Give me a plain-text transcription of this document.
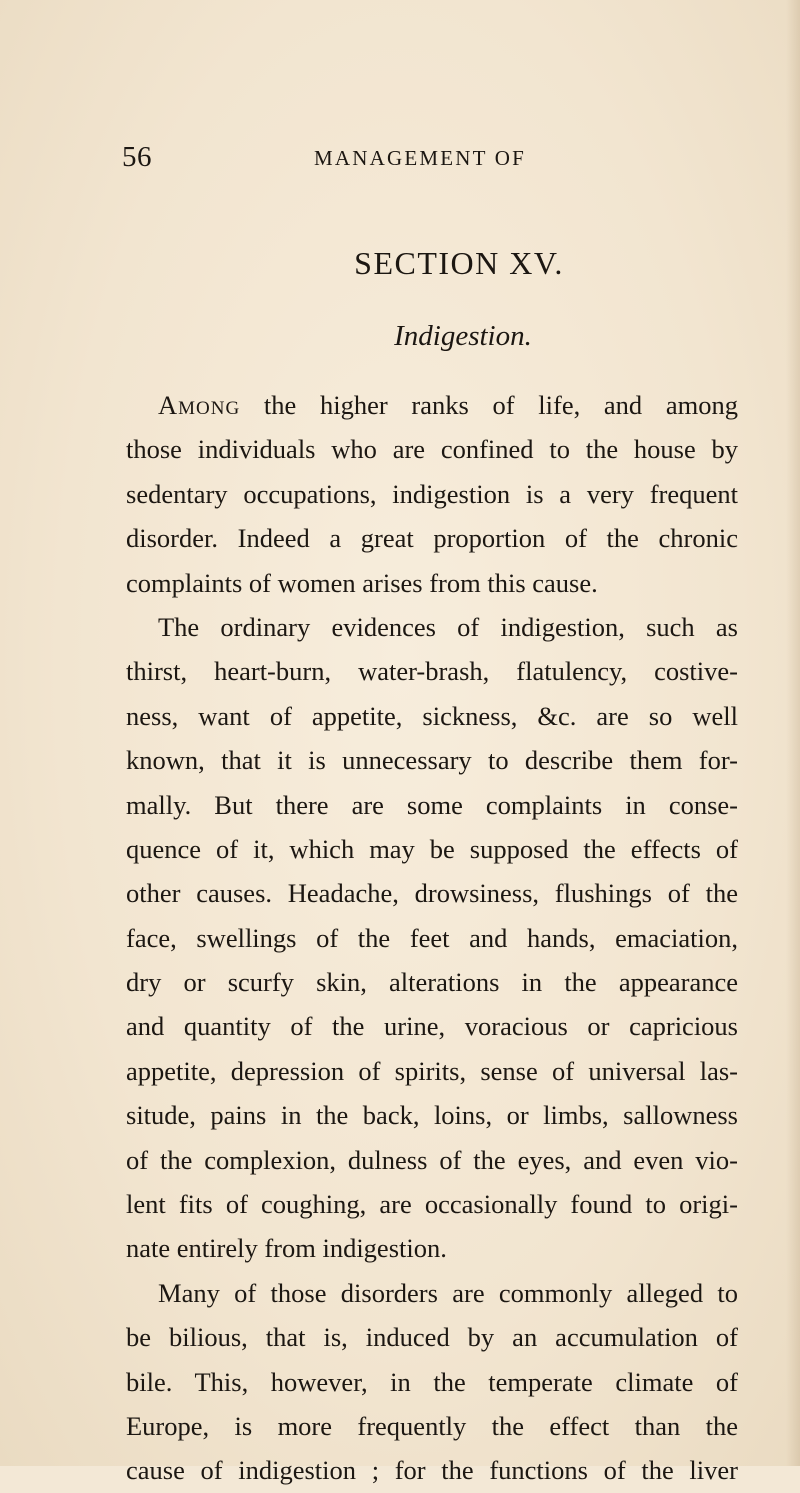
56	MANAGEMENT OF
SECTION XV.
Indigestion.
Among the higher ranks of life, and among
those individuals who are confined to the house by
sedentary occupations, indigestion is a very frequent
disorder. Indeed a great proportion of the chronic
complaints of women arises from this cause.
The ordinary evidences of indigestion, such as
thirst, heart-burn, water-brash, flatulency, costive-
ness, want of appetite, sickness, &c. are so well
known, that it is unnecessary to describe them for-
mally. But there are some complaints in conse-
quence of it, which may be supposed the effects of
other causes. Headache, drowsiness, flushings of the
face, swellings of the feet and hands, emaciation,
dry or scurfy skin, alterations in the appearance
and quantity of the urine, voracious or capricious
appetite, depression of spirits, sense of universal las-
situde, pains in the back, loins, or limbs, sallowness
of the complexion, dulness of the eyes, and even vio-
lent fits of coughing, are occasionally found to origi-
nate entirely from indigestion.
Many of those disorders are commonly alleged to
be bilious, that is, induced by an accumulation of
bile. This, however, in the temperate climate of
Europe, is more frequently the effect than the
cause of indigestion ; for the functions of the liver
